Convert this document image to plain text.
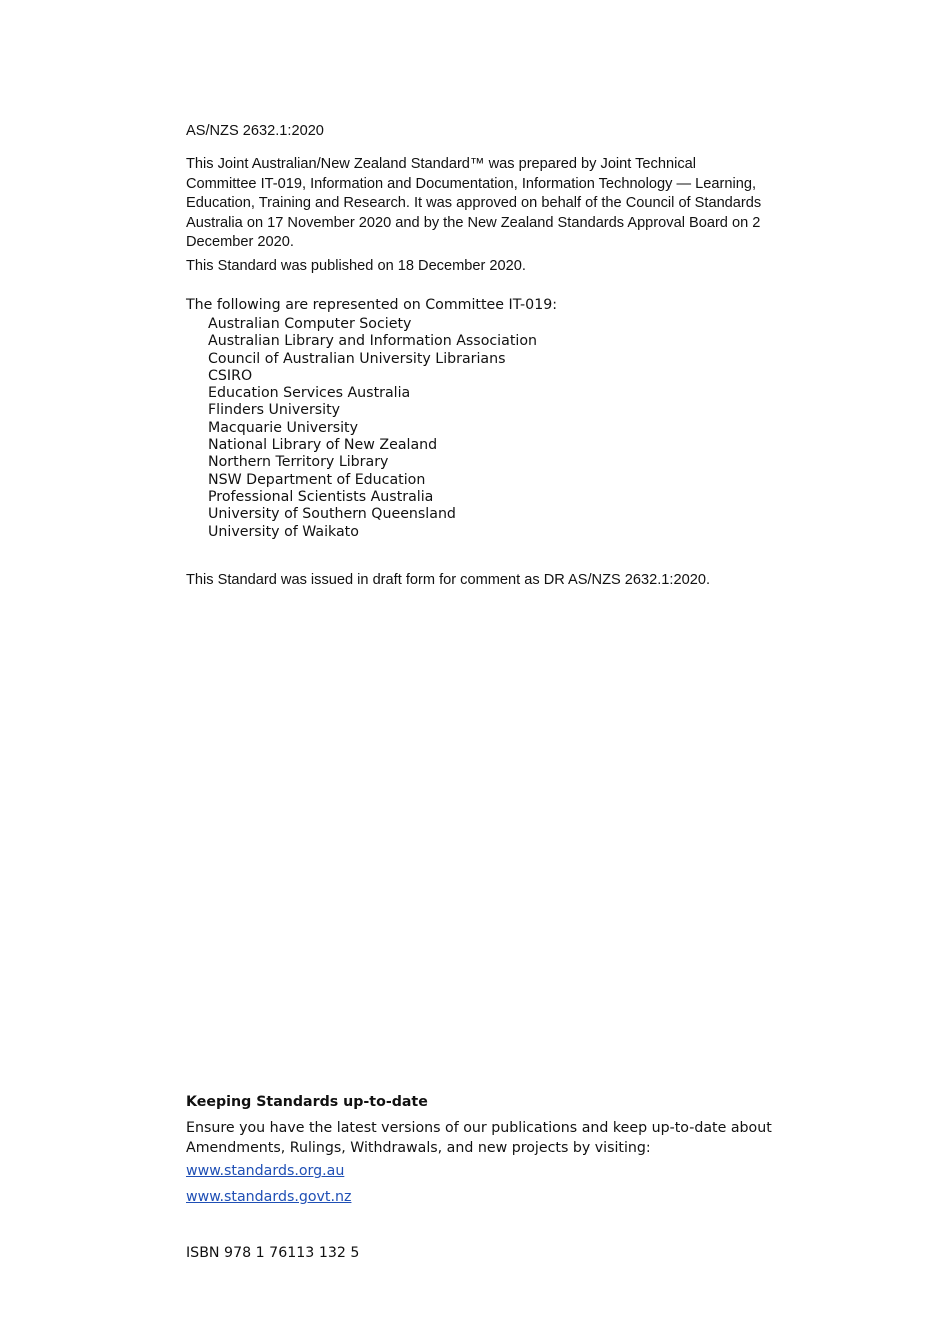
AS/NZS 2632.1:2020
This Joint Australian/New Zealand Standard™ was prepared by Joint Technical Committee IT-019, Information and Documentation, Information Technology — Learning, Education, Training and Research. It was approved on behalf of the Council of Standards Australia on 17 November 2020 and by the New Zealand Standards Approval Board on 2 December 2020.
This Standard was published on 18 December 2020.
The following are represented on Committee IT-019:
Australian Computer Society
Australian Library and Information Association
Council of Australian University Librarians
CSIRO
Education Services Australia
Flinders University
Macquarie University
National Library of New Zealand
Northern Territory Library
NSW Department of Education
Professional Scientists Australia
University of Southern Queensland
University of Waikato
This Standard was issued in draft form for comment as DR AS/NZS 2632.1:2020.
Keeping Standards up-to-date
Ensure you have the latest versions of our publications and keep up-to-date about Amendments, Rulings, Withdrawals, and new projects by visiting:
www.standards.org.au
www.standards.govt.nz
ISBN 978 1 76113 132 5
